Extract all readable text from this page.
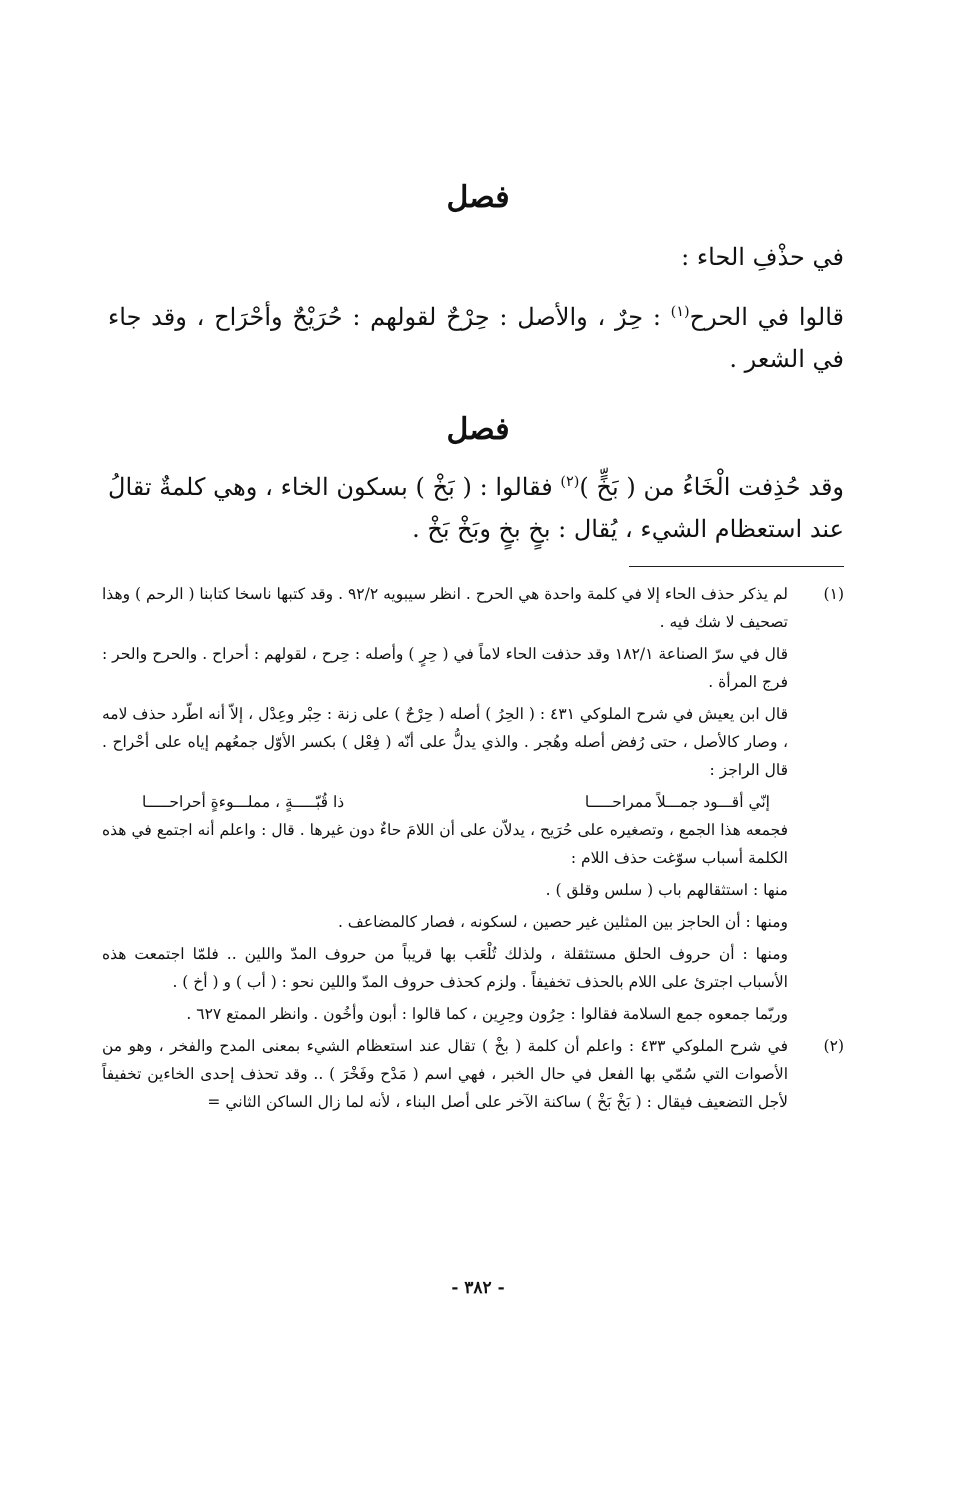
فصل

في حذْفِ الحاء :

قالوا في الحرح$^{(١)}$ : حِرٌ ، والأصل : حِرْحٌ لقولهم : حُرَيْحٌ وأحْرَاح ، وقد جاء في الشعر .

فصل

وقد حُذِفت الْخَاءُ من ( بَخٍّ )$^{(٢)}$ فقالوا : ( بَخْ ) بسكون الخاء ، وهي كلمةٌ تقالُ عند استعظام الشيء ، يُقال : بخٍ بخٍ وبَخْ بَخْ .

(١)

لم يذكر حذف الحاء إلا في كلمة واحدة هي الحرح . انظر سيبويه ٩٢/٢ . وقد كتبها ناسخا كتابنا ( الرحم ) وهذا تصحيف لا شك فيه .

قال في سرّ الصناعة ١٨٢/١ وقد حذفت الحاء لاماً في ( حِرٍ ) وأصله : حِرح ، لقولهم : أحراح . والحرح والحر : فرج المرأة .

قال ابن يعيش في شرح الملوكي ٤٣١ : ( الحِرُ ) أصله ( حِرْحٌ ) على زنة : حِبْر وعِدْل ، إلاّ أنه اطّرد حذف لامه ، وصار كالأصل ، حتى رُفض أصله وهُجر . والذي يدلُّ على أنّه ( فِعْل ) بكسر الأوّل جمعُهم إياه على أحْراح . قال الراجز :

إنّي أقـــود جمـــلاً ممراحـــــا
ذا قُبّـــــةٍ ، مملـــوءةٍ أحراحـــــا

فجمعه هذا الجمع ، وتصغيره على حُرَيح ، يدلاّن على أن اللامَ حاءٌ دون غيرها . قال : واعلم أنه اجتمع في هذه الكلمة أسباب سوّغت حذف اللام :

منها : استثقالهم باب ( سلس وقلق ) .

ومنها : أن الحاجز بين المثلين غير حصين ، لسكونه ، فصار كالمضاعف .

ومنها : أن حروف الحلق مستثقلة ، ولذلك تُلْعَب بها قريباً من حروف المدّ واللين .. فلمّا اجتمعت هذه الأسباب اجترئ على اللام بالحذف تخفيفاً . ولزم كحذف حروف المدّ واللين نحو : ( أب ) و ( أخ ) .

وربّما جمعوه جمع السلامة فقالوا : حِرُون وحِرِين ، كما قالوا : أبون وأخُون . وانظر الممتع ٦٢٧ .

(٢)

في شرح الملوكي ٤٣٣ : واعلم أن كلمة ( بخْ ) تقال عند استعظام الشيء بمعنى المدح والفخر ، وهو من الأصوات التي سُمّي بها الفعل في حال الخبر ، فهي اسم ( مَدْح وفَخْرَ ) .. وقد تحذف إحدى الخاءين تخفيفاً لأجل التضعيف فيقال : ( بَخْ بَخْ ) ساكنة الآخر على أصل البناء ، لأنه لما زال الساكن الثاني =

- ٣٨٢ -
